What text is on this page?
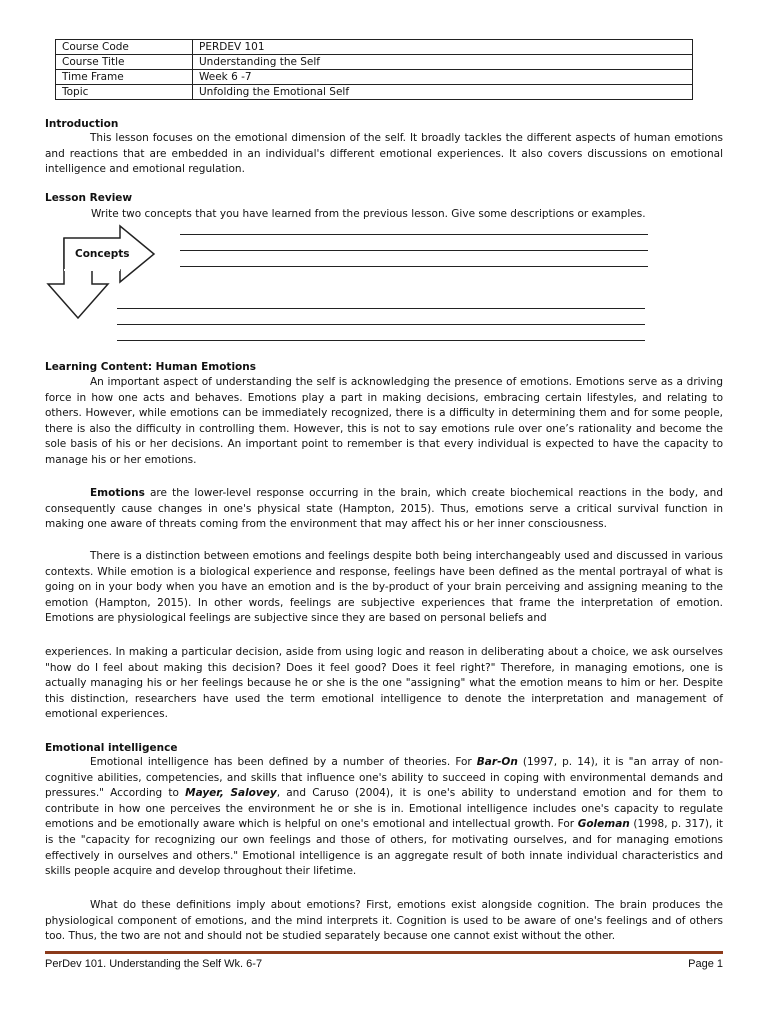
Course Code	PERDEV 101
Course Title	Understanding the Self
Time Frame	Week 6 -7
Topic	Unfolding the Emotional Self
Introduction

This lesson focuses on the emotional dimension of the self. It broadly tackles the different aspects of human emotions and reactions that are embedded in an individual's different emotional experiences. It also covers discussions on emotional intelligence and emotional regulation.

Lesson Review
Write two concepts that you have learned from the previous lesson. Give some descriptions or examples.
Concepts
Learning Content: Human Emotions

An important aspect of understanding the self is acknowledging the presence of emotions. Emotions serve as a driving force in how one acts and behaves. Emotions play a part in making decisions, embracing certain lifestyles, and relating to others. However, while emotions can be immediately recognized, there is a difficulty in determining them and for some people, there is also the difficulty in controlling them. However, this is not to say emotions rule over one’s rationality and become the sole basis of his or her decisions. An important point to remember is that every individual is expected to have the capacity to manage his or her emotions.

Emotions are the lower-level response occurring in the brain, which create biochemical reactions in the body, and consequently cause changes in one's physical state (Hampton, 2015). Thus, emotions serve a critical survival function in making one aware of threats coming from the environment that may affect his or her inner consciousness.

There is a distinction between emotions and feelings despite both being interchangeably used and discussed in various contexts. While emotion is a biological experience and response, feelings have been defined as the mental portrayal of what is going on in your body when you have an emotion and is the by-product of your brain perceiving and assigning meaning to the emotion (Hampton, 2015). In other words, feelings are subjective experiences that frame the interpretation of emotion. Emotions are physiological feelings are subjective since they are based on personal beliefs and

experiences. In making a particular decision, aside from using logic and reason in deliberating about a choice, we ask ourselves "how do I feel about making this decision? Does it feel good? Does it feel right?" Therefore, in managing emotions, one is actually managing his or her feelings because he or she is the one "assigning" what the emotion means to him or her. Despite this distinction, researchers have used the term emotional intelligence to denote the interpretation and management of emotional experiences.

Emotional intelligence

Emotional intelligence has been defined by a number of theories. For Bar-On (1997, p. 14), it is "an array of non-cognitive abilities, competencies, and skills that influence one's ability to succeed in coping with environmental demands and pressures." According to Mayer, Salovey, and Caruso (2004), it is one's ability to understand emotion and for them to contribute in how one perceives the environment he or she is in. Emotional intelligence includes one's capacity to regulate emotions and be emotionally aware which is helpful on one's emotional and intellectual growth. For Goleman (1998, p. 317), it is the "capacity for recognizing our own feelings and those of others, for motivating ourselves, and for managing emotions effectively in ourselves and others." Emotional intelligence is an aggregate result of both innate individual characteristics and skills people acquire and develop throughout their lifetime.

What do these definitions imply about emotions? First, emotions exist alongside cognition. The brain produces the physiological component of emotions, and the mind interprets it. Cognition is used to be aware of one's feelings and of others too. Thus, the two are not and should not be studied separately because one cannot exist without the other.

PerDev 101. Understanding the Self Wk. 6-7	Page 1
